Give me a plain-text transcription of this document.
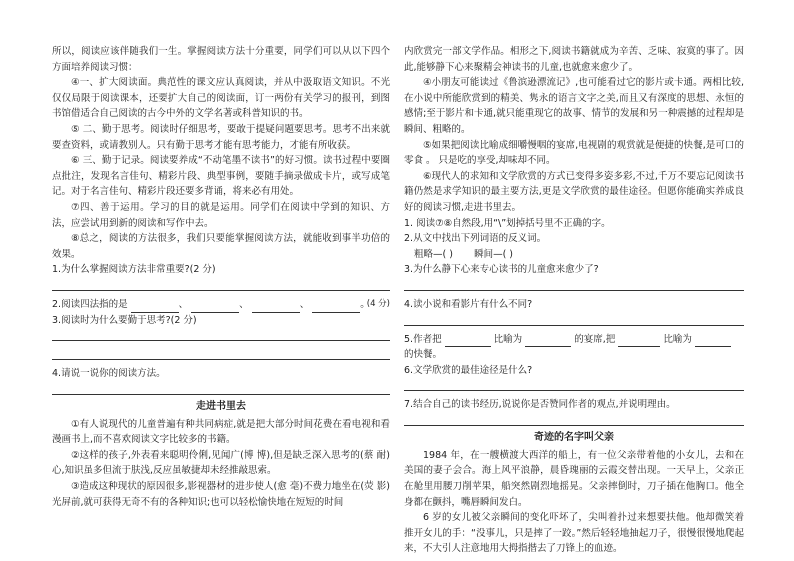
所以，阅读应该伴随我们一生。掌握阅读方法十分重要，同学们可以从以下四个方面培养阅读习惯：

④一、扩大阅读面。典范性的课文应认真阅读，并从中汲取语文知识。不光仅仅局限于阅读课本，还要扩大自己的阅读面，订一两份有关学习的报刊，到图书馆借适合自己阅读的古今中外的文学名著或科普知识的书。

⑤ 二、勤于思考。阅读时仔细思考，要敢于提疑问题要思考。思考不出来就要查资料，或请教别人。只有勤于思考才能有思考能力，才能有所收获。

⑥ 三、勤于记录。阅读要养成“不动笔墨不读书”的好习惯。读书过程中要圈点批注，发现名言佳句、精彩片段、典型事例，要随手摘录做成卡片，或写成笔记。对于名言佳句、精彩片段还要多背诵，将来必有用处。

⑦四、善于运用。学习的目的就是运用。同学们在阅读中学到的知识、方法，应尝试用到新的阅读和写作中去。

⑧总之，阅读的方法很多，我们只要能掌握阅读方法，就能收到事半功倍的效果。

1.为什么掌握阅读方法非常重要?(2 分)

2.阅读四法指的是	、	、	、	。

(4 分)

3.阅读时为什么要勤于思考?(2 分)

4.请说一说你的阅读方法。

走进书里去

①有人说现代的儿童普遍有种共同病症,就是把大部分时间花费在看电视和看漫画书上,而不喜欢阅读文字比较多的书籍。

②这样的孩子,外表看来聪明伶俐,见闻广(博 博),但是缺乏深入思考的(蔡 耐)心,知识虽多但流于肤浅,反应虽敏捷却未经推敲思索。

③造成这种现状的原因很多,影视器材的进步使人(愈 毫)不费力地坐在(荧 影)光屏前,就可获得无奇不有的各种知识;也可以轻松愉快地在短短的时间

内欣赏完一部文学作品。相形之下,阅读书籍就成为辛苦、乏味、寂寞的事了。因此,能够静下心来聚精会神读书的儿童,也就愈来愈少了。

④小朋友可能读过《鲁滨逊漂流记》,也可能看过它的影片或卡通。两相比较,在小说中所能欣赏到的精美、隽永的语言文字之美,而且又有深度的思想、永恒的感情;至于影片和卡通,就只能重现它的故事、情节的发展和另一种震撼的过程却是瞬间、粗略的。

⑤如果把阅读比喻成细嚼慢咽的宴席,电视剧的观赏就是便捷的快餐,是可口的零食 。 只是吃的享受,却味却不同。

⑥现代人的求知和文学欣赏的方式已变得多姿多彩,不过,千万不要忘记阅读书籍仍然是求学知识的最主要方法,更是文学欣赏的最佳途径。但愿你能确实养成良好的阅读习惯,走进书里去。

1. 阅读⑦⑧自然段,用“\”划掉括号里不正确的字。

2.从文中找出下列词语的反义词。

粗略—( ) 瞬间—( )

3.为什么静下心来专心读书的儿童愈来愈少了?

4.读小说和看影片有什么不同?

5.作者把	比喻为	的宴席,把	比喻为

的快餐。

6.文学欣赏的最佳途径是什么?

7.结合自己的读书经历,说说你是否赞同作者的观点,并说明理由。

奇迹的名字叫父亲

1984 年，在一艘横渡大西洋的船上，有一位父亲带着他的小女儿，去和在美国的妻子会合。海上风平浪静，晨昏瑰丽的云霞交替出现。一天早上，父亲正在舱里用腰刀削苹果，船突然剧烈地摇晃。父亲摔倒时，刀子插在他胸口。他全身都在颤抖，嘴唇瞬间发白。

6 岁的女儿被父亲瞬间的变化吓坏了，尖叫着扑过来想要扶他。他却微笑着推开女儿的手：“没事儿，只是摔了一跤。”然后轻轻地抽起刀子，很慢很慢地爬起来，不大引人注意地用大拇指揩去了刀锋上的血迹。
